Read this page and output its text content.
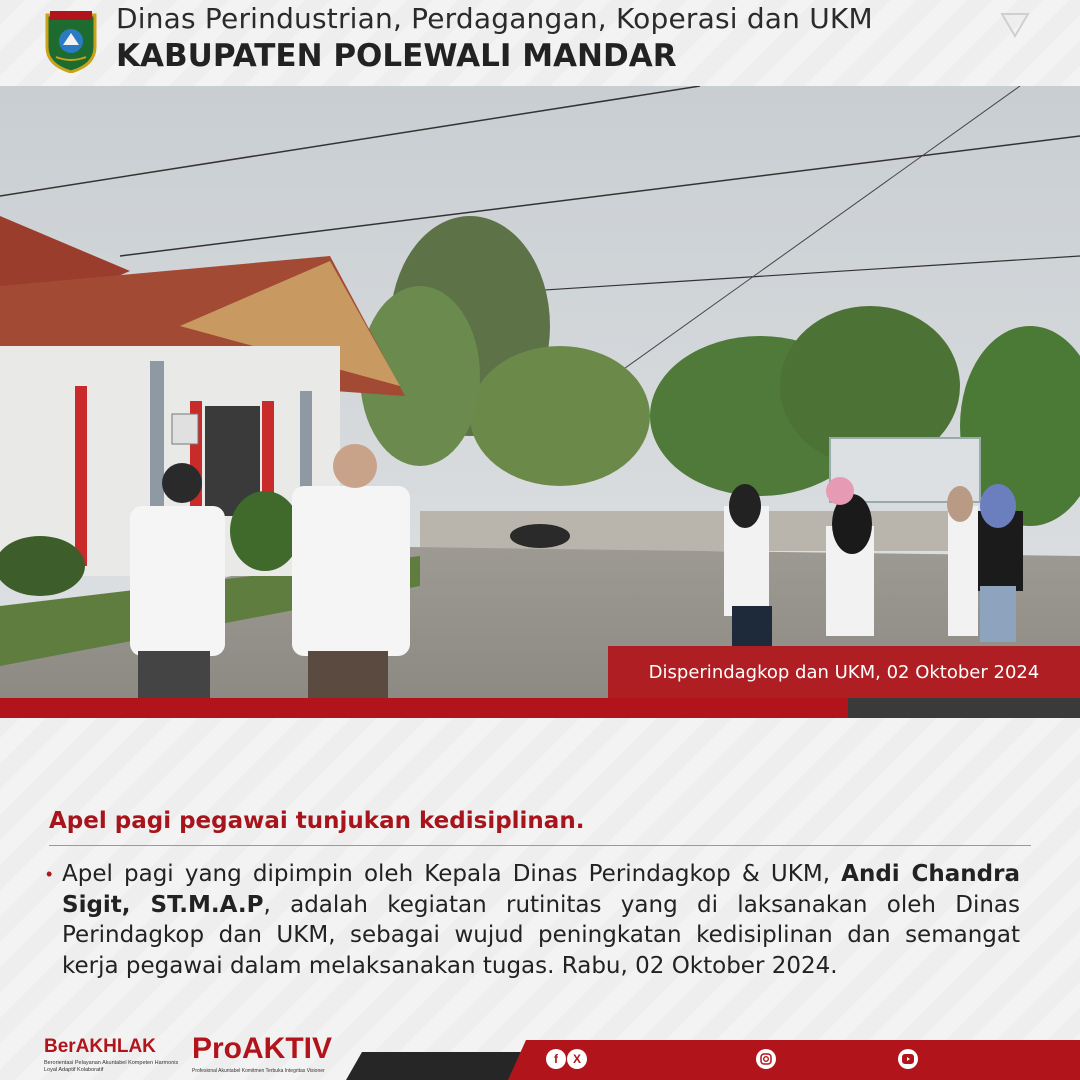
Dinas Perindustrian, Perdagangan, Koperasi dan UKM
KABUPATEN POLEWALI MANDAR
Disperindagkop dan UKM, 02 Oktober 2024
Apel pagi pegawai tunjukan kedisiplinan.
• Apel pagi yang dipimpin oleh Kepala Dinas Perindagkop & UKM, Andi Chandra Sigit, ST.M.A.P, adalah kegiatan rutinitas yang di laksanakan oleh Dinas Perindagkop dan UKM, sebagai wujud peningkatan kedisiplinan dan semangat kerja pegawai dalam melaksanakan tugas. Rabu, 02 Oktober 2024.
BerAKHLAK
Berorientasi Pelayanan Akuntabel Kompeten Harmonis Loyal Adaptif Kolaboratif
ProAKTIV
Profesional Akuntabel Komitmen Terbuka Integritas Visioner
f	X
